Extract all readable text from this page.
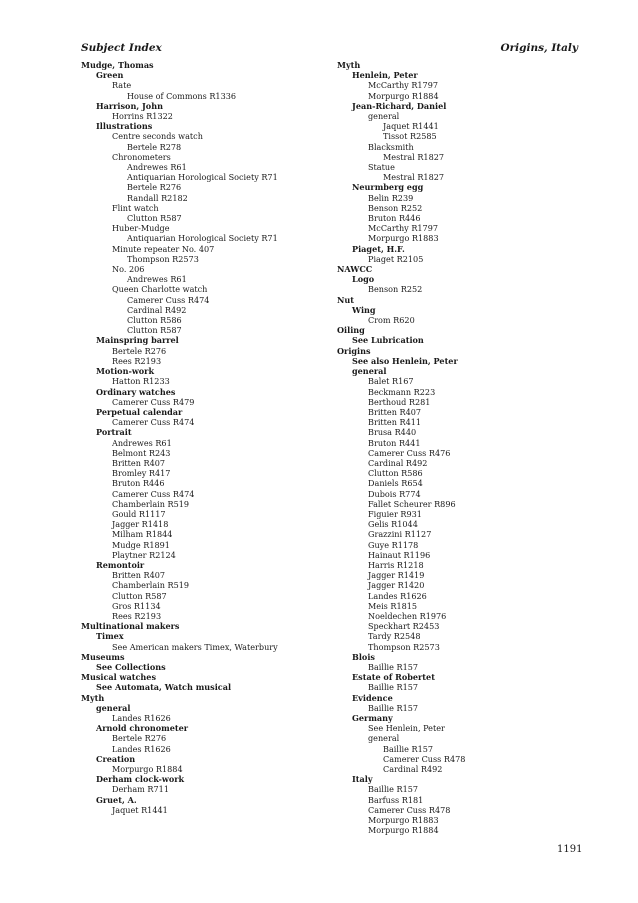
Subject Index	Origins, Italy
Mudge, Thomas
Green
Rate
House of Commons R1336
Harrison, John
Horrins R1322
Illustrations
Centre seconds watch
Bertele R278
Chronometers
Andrewes R61
Antiquarian Horological Society R71
Bertele R276
Randall R2182
Flint watch
Clutton R587
Huber-Mudge
Antiquarian Horological Society R71
Minute repeater No. 407
Thompson R2573
No. 206
Andrewes R61
Queen Charlotte watch
Camerer Cuss R474
Cardinal R492
Clutton R586
Clutton R587
Mainspring barrel
Bertele R276
Rees R2193
Motion-work
Hatton R1233
Ordinary watches
Camerer Cuss R479
Perpetual calendar
Camerer Cuss R474
Portrait
Andrewes R61
Belmont R243
Britten R407
Bromley R417
Bruton R446
Camerer Cuss R474
Chamberlain R519
Gould R1117
Jagger R1418
Milham R1844
Mudge R1891
Playtner R2124
Remontoir
Britten R407
Chamberlain R519
Clutton R587
Gros R1134
Rees R2193
Multinational makers
Timex
See American makers Timex, Waterbury
Museums
See Collections
Musical watches
See Automata, Watch musical
Myth
general
Landes R1626
Arnold chronometer
Bertele R276
Landes R1626
Creation
Morpurgo R1884
Derham clock-work
Derham R711
Gruet, A.
Jaquet R1441
Myth
Henlein, Peter
McCarthy R1797
Morpurgo R1884
Jean-Richard, Daniel
general
Jaquet R1441
Tissot R2585
Blacksmith
Mestral R1827
Statue
Mestral R1827
Neurmberg egg
Belin R239
Benson R252
Bruton R446
McCarthy R1797
Morpurgo R1883
Piaget, H.F.
Piaget R2105
NAWCC
Logo
Benson R252
Nut
Wing
Crom R620
Oiling
See Lubrication
Origins
See also Henlein, Peter
general
Balet R167
Beckmann R223
Berthoud R281
Britten R407
Britten R411
Brusa R440
Bruton R441
Camerer Cuss R476
Cardinal R492
Clutton R586
Daniels R654
Dubois R774
Fallet Scheurer R896
Figuier R931
Gelis R1044
Grazzini R1127
Guye R1178
Hainaut R1196
Harris R1218
Jagger R1419
Jagger R1420
Landes R1626
Meis R1815
Noeldechen R1976
Speckhart R2453
Tardy R2548
Thompson R2573
Blois
Baillie R157
Estate of Robertet
Baillie R157
Evidence
Baillie R157
Germany
See Henlein, Peter
general
Baillie R157
Camerer Cuss R478
Cardinal R492
Italy
Baillie R157
Barfuss R181
Camerer Cuss R478
Morpurgo R1883
Morpurgo R1884
1191
